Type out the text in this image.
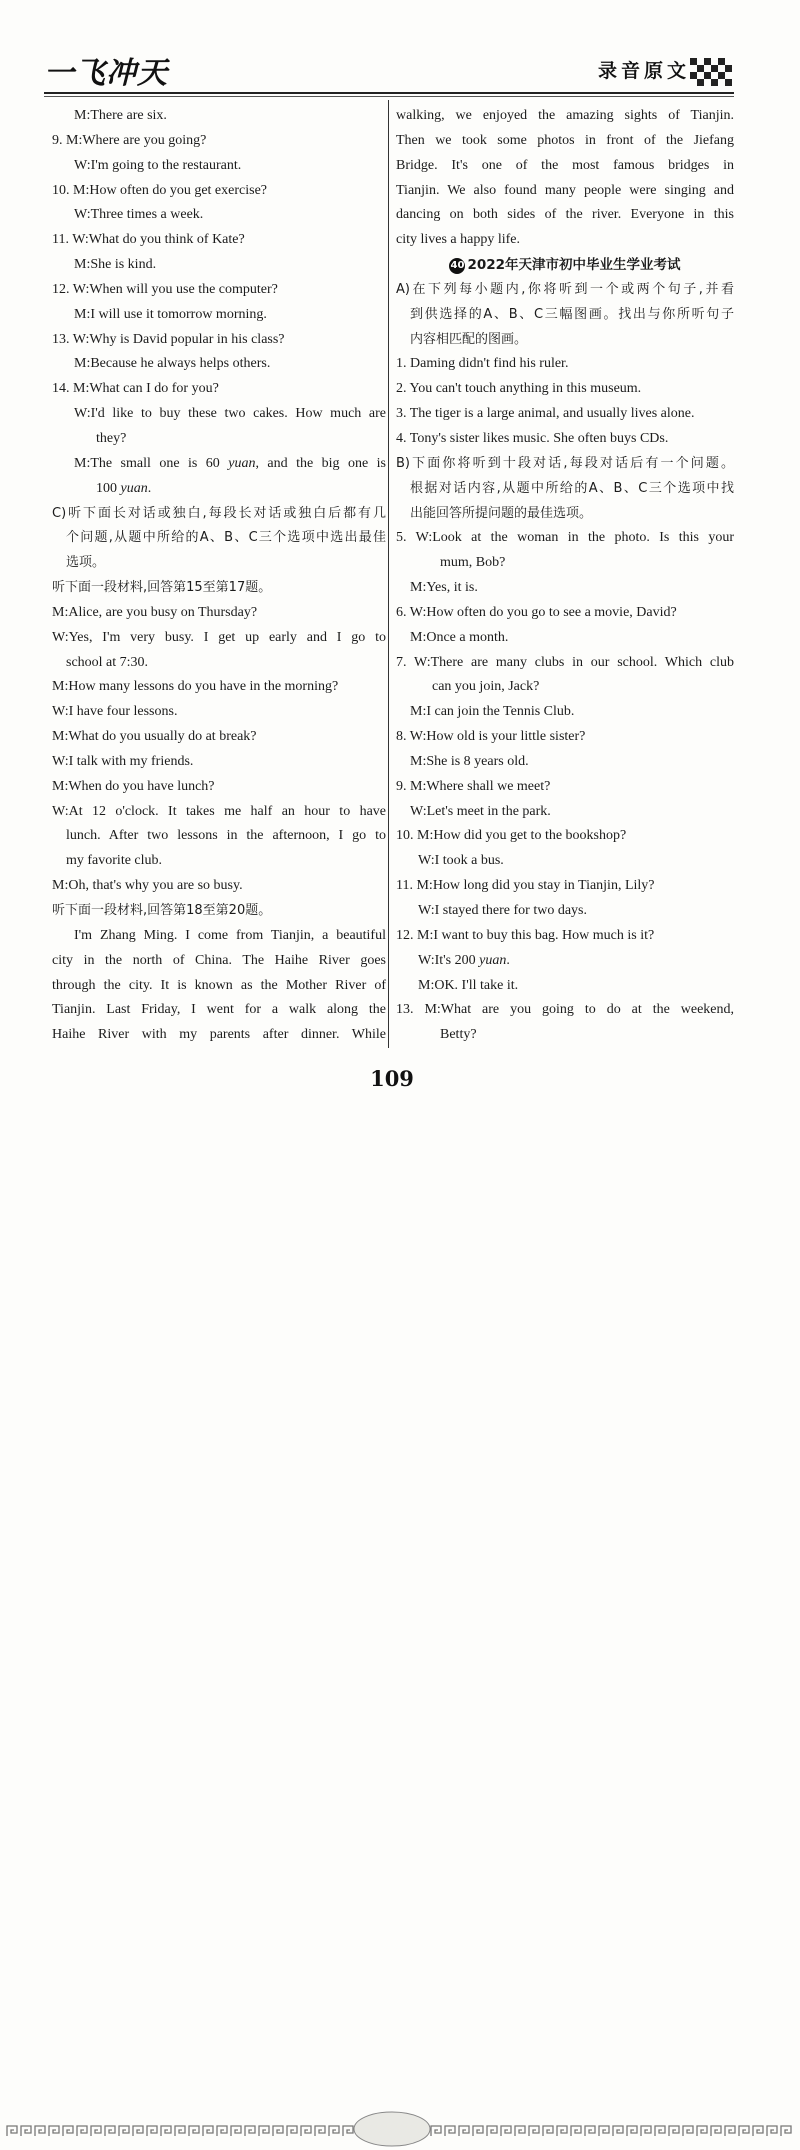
一飞冲天	录音原文
M:There are six.
9. M:Where are you going?
W:I'm going to the restaurant.
10. M:How often do you get exercise?
W:Three times a week.
11. W:What do you think of Kate?
M:She is kind.
12. W:When will you use the computer?
M:I will use it tomorrow morning.
13. W:Why is David popular in his class?
M:Because he always helps others.
14. M:What can I do for you?
W:I'd like to buy these two cakes. How much are
they?
M:The small one is 60 yuan, and the big one is
100 yuan.
C)听下面长对话或独白,每段长对话或独白后都有几
个问题,从题中所给的A、B、C三个选项中选出最佳
选项。
听下面一段材料,回答第15至第17题。
M:Alice, are you busy on Thursday?
W:Yes, I'm very busy. I get up early and I go to
school at 7:30.
M:How many lessons do you have in the morning?
W:I have four lessons.
M:What do you usually do at break?
W:I talk with my friends.
M:When do you have lunch?
W:At 12 o'clock. It takes me half an hour to have
lunch. After two lessons in the afternoon, I go to
my favorite club.
M:Oh, that's why you are so busy.
听下面一段材料,回答第18至第20题。
I'm Zhang Ming. I come from Tianjin, a beautiful
city in the north of China. The Haihe River goes
through the city. It is known as the Mother River of
Tianjin. Last Friday, I went for a walk along the
Haihe River with my parents after dinner. While
walking, we enjoyed the amazing sights of Tianjin.
Then we took some photos in front of the Jiefang
Bridge. It's one of the most famous bridges in
Tianjin. We also found many people were singing and
dancing on both sides of the river. Everyone in this
city lives a happy life.
40 2022年天津市初中毕业生学业考试
A)在下列每小题内,你将听到一个或两个句子,并看
到供选择的A、B、C三幅图画。找出与你所听句子
内容相匹配的图画。
1. Daming didn't find his ruler.
2. You can't touch anything in this museum.
3. The tiger is a large animal, and usually lives alone.
4. Tony's sister likes music. She often buys CDs.
B)下面你将听到十段对话,每段对话后有一个问题。
根据对话内容,从题中所给的A、B、C三个选项中找
出能回答所提问题的最佳选项。
5. W:Look at the woman in the photo. Is this your
mum, Bob?
M:Yes, it is.
6. W:How often do you go to see a movie, David?
M:Once a month.
7. W:There are many clubs in our school. Which club
can you join, Jack?
M:I can join the Tennis Club.
8. W:How old is your little sister?
M:She is 8 years old.
9. M:Where shall we meet?
W:Let's meet in the park.
10. M:How did you get to the bookshop?
W:I took a bus.
11. M:How long did you stay in Tianjin, Lily?
W:I stayed there for two days.
12. M:I want to buy this bag. How much is it?
W:It's 200 yuan.
M:OK. I'll take it.
13. M:What are you going to do at the weekend,
Betty?
109
